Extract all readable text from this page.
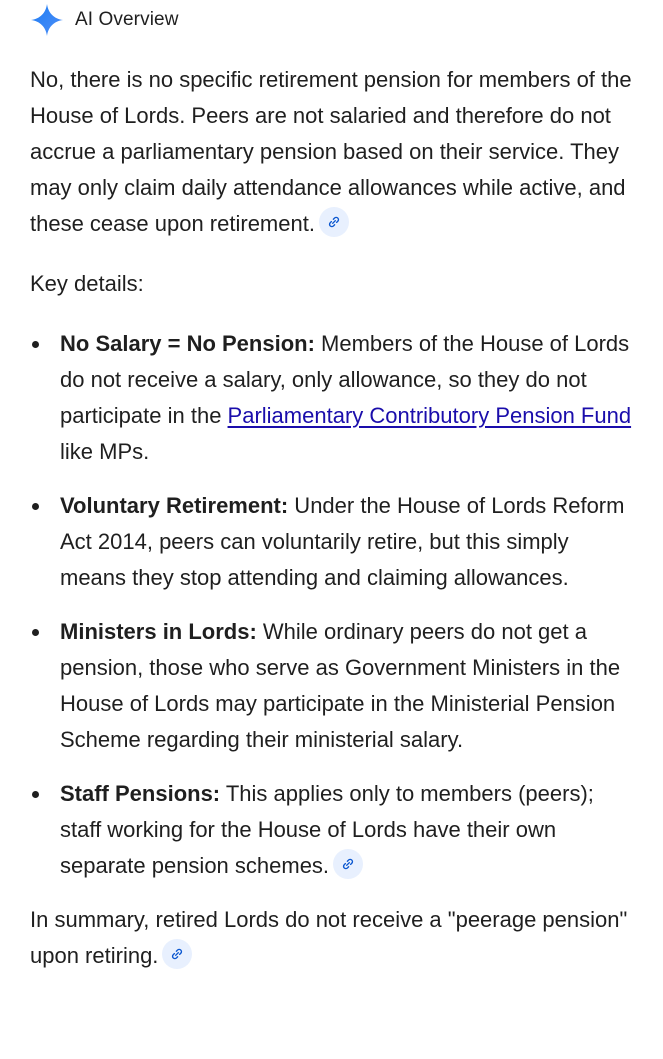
AI Overview

No, there is no specific retirement pension for members of the House of Lords. Peers are not salaried and therefore do not accrue a parliamentary pension based on their service. They may only claim daily attendance allowances while active, and these cease upon retirement.

Key details:

No Salary = No Pension: Members of the House of Lords do not receive a salary, only allowance, so they do not participate in the Parliamentary Contributory Pension Fund like MPs.
Voluntary Retirement: Under the House of Lords Reform Act 2014, peers can voluntarily retire, but this simply means they stop attending and claiming allowances.
Ministers in Lords: While ordinary peers do not get a pension, those who serve as Government Ministers in the House of Lords may participate in the Ministerial Pension Scheme regarding their ministerial salary.
Staff Pensions: This applies only to members (peers); staff working for the House of Lords have their own separate pension schemes.

In summary, retired Lords do not receive a "peerage pension" upon retiring.
